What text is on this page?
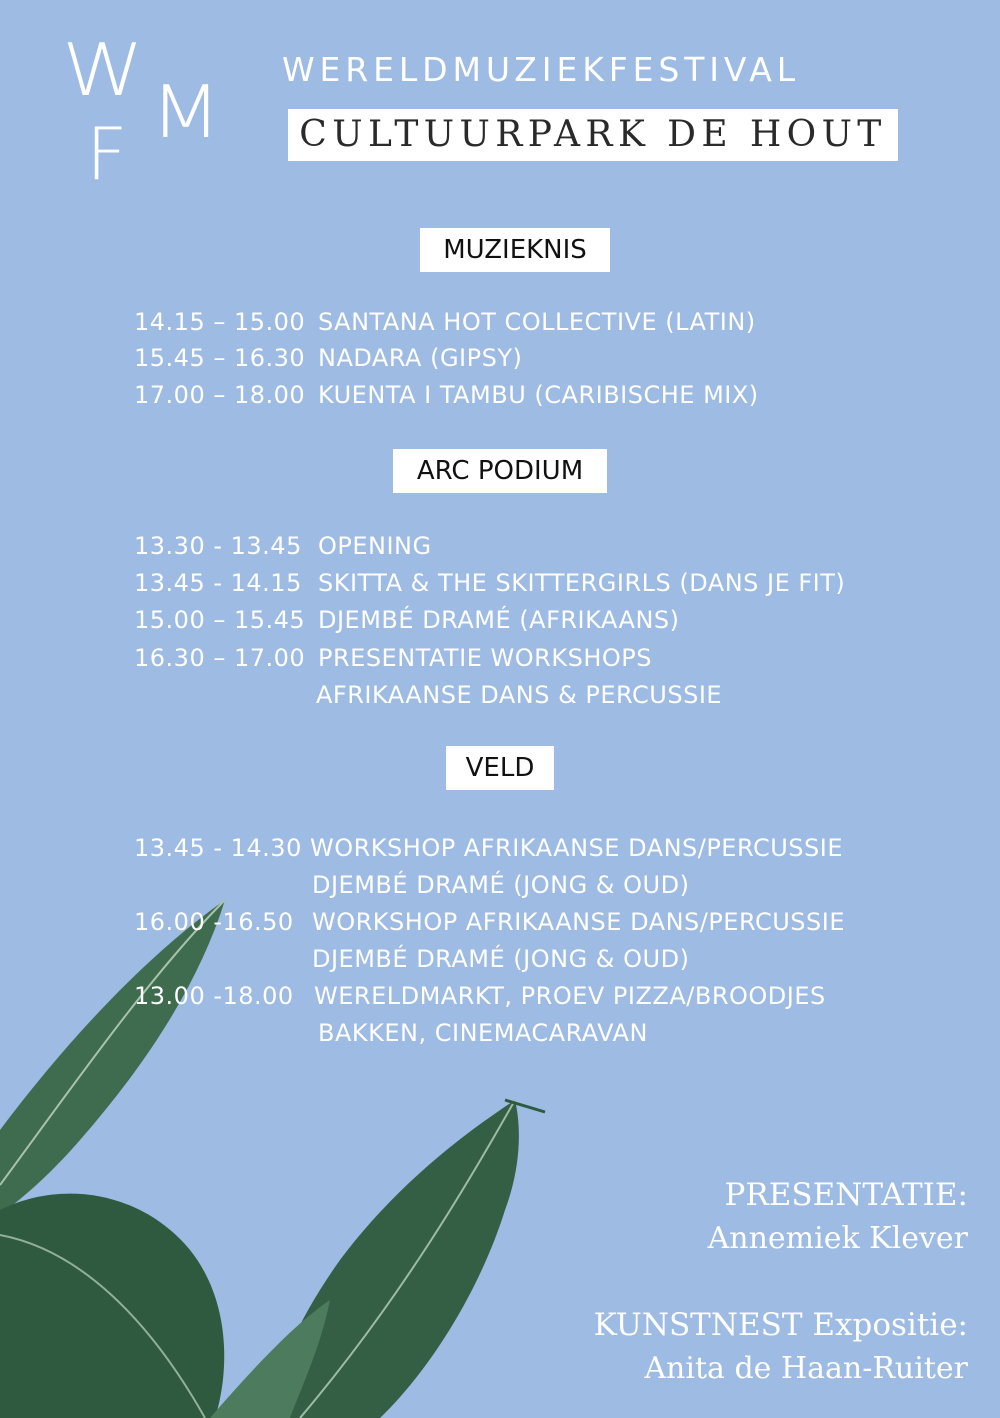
W M
F
WERELDMUZIEKFESTIVAL
CULTUURPARK DE HOUT
MUZIEKNIS
14.15 – 15.00 SANTANA HOT COLLECTIVE (LATIN)
15.45 – 16.30 NADARA (GIPSY)
17.00 – 18.00 KUENTA I TAMBU (CARIBISCHE MIX)
ARC PODIUM
13.30 - 13.45 OPENING
13.45 - 14.15 SKITTA & THE SKITTERGIRLS (DANS JE FIT)
15.00 – 15.45 DJEMBÉ DRAMÉ (AFRIKAANS)
16.30 – 17.00 PRESENTATIE WORKSHOPS
AFRIKAANSE DANS & PERCUSSIE
VELD
13.45 - 14.30 WORKSHOP AFRIKAANSE DANS/PERCUSSIE
DJEMBÉ DRAMÉ (JONG & OUD)
16.00 -16.50 WORKSHOP AFRIKAANSE DANS/PERCUSSIE
DJEMBÉ DRAMÉ (JONG & OUD)
13.00 -18.00 WERELDMARKT, PROEV PIZZA/BROODJES
BAKKEN, CINEMACARAVAN
PRESENTATIE:
Annemiek Klever
KUNSTNEST Expositie:
Anita de Haan-Ruiter
